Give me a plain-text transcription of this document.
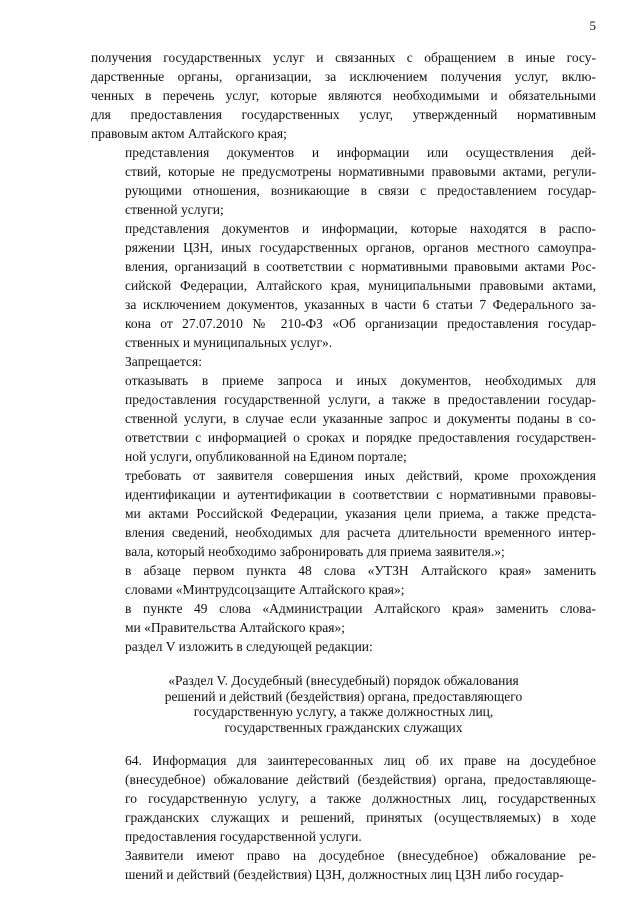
5
получения государственных услуг и связанных с обращением в иные госу-
дарственные органы, организации, за исключением получения услуг, вклю-
ченных в перечень услуг, которые являются необходимыми и обязательными
для предоставления государственных услуг, утвержденный нормативным
правовым актом Алтайского края;
представления документов и информации или осуществления дей-
ствий, которые не предусмотрены нормативными правовыми актами, регули-
рующими отношения, возникающие в связи с предоставлением государ-
ственной услуги;
представления документов и информации, которые находятся в распо-
ряжении ЦЗН, иных государственных органов, органов местного самоупра-
вления, организаций в соответствии с нормативными правовыми актами Рос-
сийской Федерации, Алтайского края, муниципальными правовыми актами,
за исключением документов, указанных в части 6 статьи 7 Федерального за-
кона от 27.07.2010 № 210-ФЗ «Об организации предоставления государ-
ственных и муниципальных услуг».
Запрещается:
отказывать в приеме запроса и иных документов, необходимых для
предоставления государственной услуги, а также в предоставлении государ-
ственной услуги, в случае если указанные запрос и документы поданы в со-
ответствии с информацией о сроках и порядке предоставления государствен-
ной услуги, опубликованной на Едином портале;
требовать от заявителя совершения иных действий, кроме прохождения
идентификации и аутентификации в соответствии с нормативными правовы-
ми актами Российской Федерации, указания цели приема, а также предста-
вления сведений, необходимых для расчета длительности временного интер-
вала, который необходимо забронировать для приема заявителя.»;
в абзаце первом пункта 48 слова «УТЗН Алтайского края» заменить
словами «Минтрудсоцзащите Алтайского края»;
в пункте 49 слова «Администрации Алтайского края» заменить слова-
ми «Правительства Алтайского края»;
раздел V изложить в следующей редакции:
«Раздел V. Досудебный (внесудебный) порядок обжалования
решений и действий (бездействия) органа, предоставляющего
государственную услугу, а также должностных лиц,
государственных гражданских служащих
64. Информация для заинтересованных лиц об их праве на досудебное
(внесудебное) обжалование действий (бездействия) органа, предоставляюще-
го государственную услугу, а также должностных лиц, государственных
гражданских служащих и решений, принятых (осуществляемых) в ходе
предоставления государственной услуги.
Заявители имеют право на досудебное (внесудебное) обжалование ре-
шений и действий (бездействия) ЦЗН, должностных лиц ЦЗН либо государ-
